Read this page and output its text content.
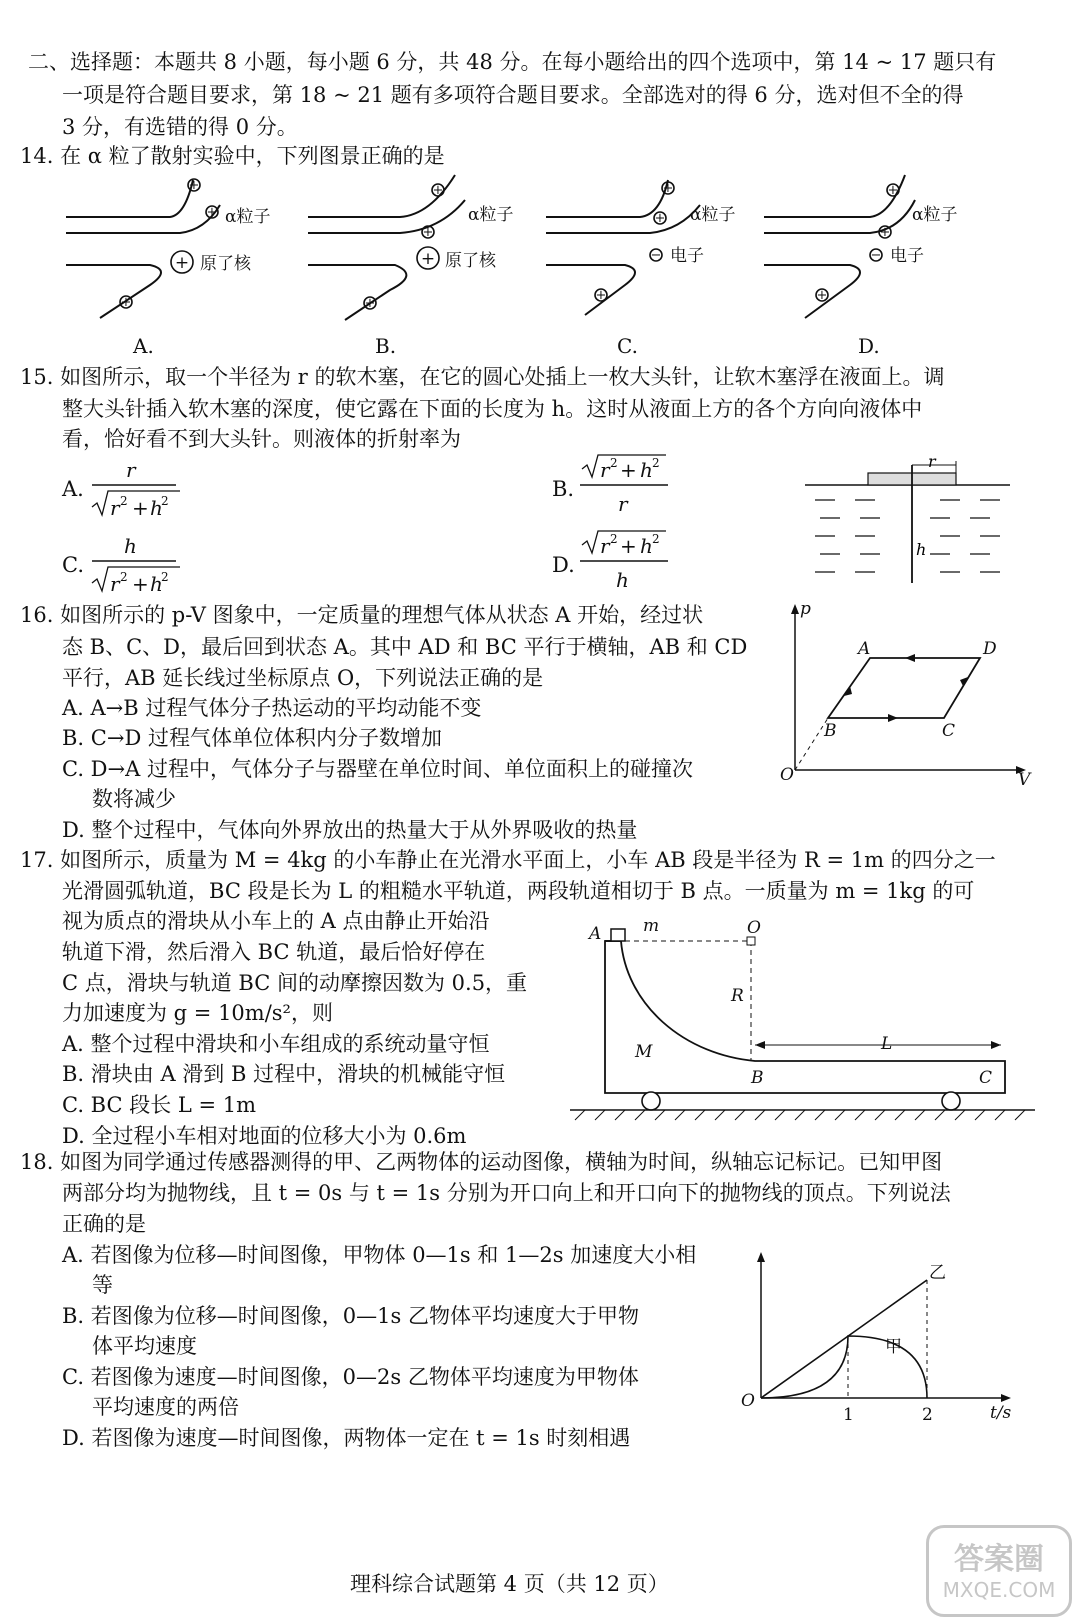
二、选择题：本题共 8 小题，每小题 6 分，共 48 分。在每小题给出的四个选项中，第 14 ~ 17 题只有
一项是符合题目要求，第 18 ~ 21 题有多项符合题目要求。全部选对的得 6 分，选对但不全的得
3 分，有选错的得 0 分。
14. 在 α 粒了散射实验中，下列图景正确的是
+
+
+
+
+
+
+
+
+
+
+
−
+
+
+
−
α粒子
原了核
α粒子
原了核
α粒子
电子
α粒子
电子
A.	B.	C.	D.
15. 如图所示，取一个半径为 r 的软木塞，在它的圆心处插上一枚大头针，让软木塞浮在液面上。调
整大头针插入软木塞的深度，使它露在下面的长度为 h。这时从液面上方的各个方向向液体中
看，恰好看不到大头针。则液体的折射率为
A.	B.
C.	D.
r
r 2 + h
2
r 2 + h 2
r
h
r 2 + h
2
r 2 + h 2
h
r
h
16. 如图所示的 p-V 图象中，一定质量的理想气体从状态 A 开始，经过状
态 B、C、D，最后回到状态 A。其中 AD 和 BC 平行于横轴，AB 和 CD
平行，AB 延长线过坐标原点 O，下列说法正确的是
A. A→B 过程气体分子热运动的平均动能不变
B. C→D 过程气体单位体积内分子数增加
C. D→A 过程中，气体分子与器壁在单位时间、单位面积上的碰撞次
数将减少
D. 整个过程中，气体向外界放出的热量大于从外界吸收的热量
p
V
O
A	D
B	C
17. 如图所示，质量为 M = 4kg 的小车静止在光滑水平面上，小车 AB 段是半径为 R = 1m 的四分之一
光滑圆弧轨道，BC 段是长为 L 的粗糙水平轨道，两段轨道相切于 B 点。一质量为 m = 1kg 的可
视为质点的滑块从小车上的 A 点由静止开始沿
轨道下滑，然后滑入 BC 轨道，最后恰好停在
C 点，滑块与轨道 BC 间的动摩擦因数为 0.5，重
力加速度为 g = 10m/s²，则
A. 整个过程中滑块和小车组成的系统动量守恒
B. 滑块由 A 滑到 B 过程中，滑块的机械能守恒
C. BC 段长 L = 1m
D. 全过程小车相对地面的位移大小为 0.6m
A m	O
R
M	L
B	C
18. 如图为同学通过传感器测得的甲、乙两物体的运动图像，横轴为时间，纵轴忘记标记。已知甲图
两部分均为抛物线，且 t = 0s 与 t = 1s 分别为开口向上和开口向下的抛物线的顶点。下列说法
正确的是
A. 若图像为位移—时间图像，甲物体 0—1s 和 1—2s 加速度大小相
等
B. 若图像为位移—时间图像，0—1s 乙物体平均速度大于甲物
体平均速度
C. 若图像为速度—时间图像，0—2s 乙物体平均速度为甲物体
平均速度的两倍
D. 若图像为速度—时间图像，两物体一定在 t = 1s 时刻相遇
乙
甲
O
1	2	t/s
理科综合试题第 4 页（共 12 页）
答案圈
MXQE.COM
